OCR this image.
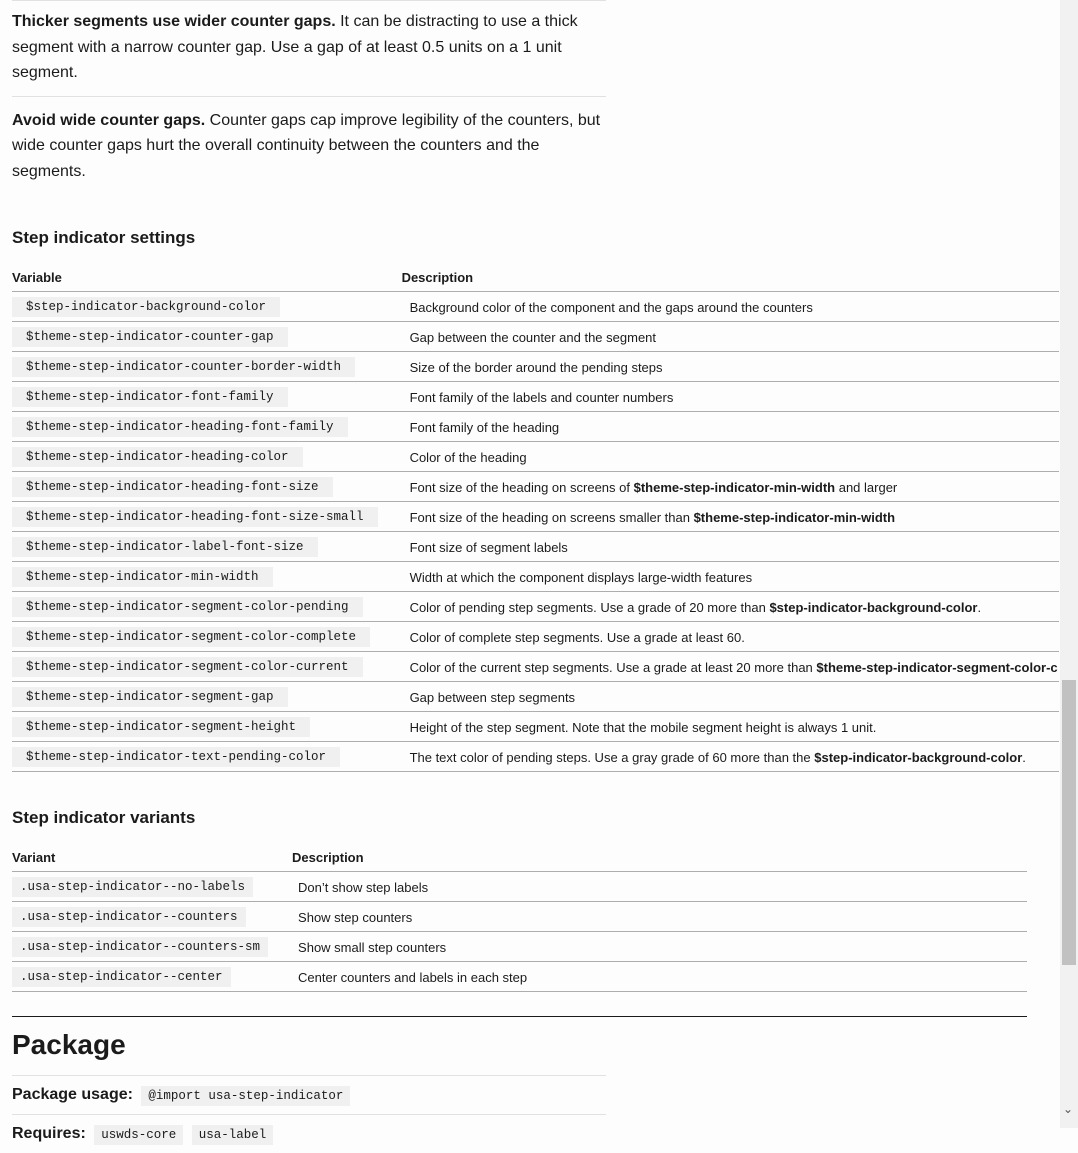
Thicker segments use wider counter gaps. It can be distracting to use a thick segment with a narrow counter gap. Use a gap of at least 0.5 units on a 1 unit segment.
Avoid wide counter gaps. Counter gaps cap improve legibility of the counters, but wide counter gaps hurt the overall continuity between the counters and the segments.
Step indicator settings
Variable	Description	
$step-indicator-background-color	Background color of the component and the gaps around the counters	
$theme-step-indicator-counter-gap	Gap between the counter and the segment	
$theme-step-indicator-counter-border-width	Size of the border around the pending steps	
$theme-step-indicator-font-family	Font family of the labels and counter numbers	
$theme-step-indicator-heading-font-family	Font family of the heading	
$theme-step-indicator-heading-color	Color of the heading	
$theme-step-indicator-heading-font-size	Font size of the heading on screens of $theme-step-indicator-min-width and larger	
$theme-step-indicator-heading-font-size-small	Font size of the heading on screens smaller than $theme-step-indicator-min-width	
$theme-step-indicator-label-font-size	Font size of segment labels	
$theme-step-indicator-min-width	Width at which the component displays large-width features	
$theme-step-indicator-segment-color-pending	Color of pending step segments. Use a grade of 20 more than $step-indicator-background-color.	
$theme-step-indicator-segment-color-complete	Color of complete step segments. Use a grade at least 60.	
$theme-step-indicator-segment-color-current	Color of the current step segments. Use a grade at least 20 more than $theme-step-indicator-segment-color-c	
$theme-step-indicator-segment-gap	Gap between step segments	
$theme-step-indicator-segment-height	Height of the step segment. Note that the mobile segment height is always 1 unit.	
$theme-step-indicator-text-pending-color	The text color of pending steps. Use a gray grade of 60 more than the $step-indicator-background-color.	
Step indicator variants
Variant	Description	
.usa-step-indicator--no-labels	Don’t show step labels	
.usa-step-indicator--counters	Show step counters	
.usa-step-indicator--counters-sm	Show small step counters	
.usa-step-indicator--center	Center counters and labels in each step	
Package
Package usage: @import usa-step-indicator
Requires: uswds-core usa-label
⌄
